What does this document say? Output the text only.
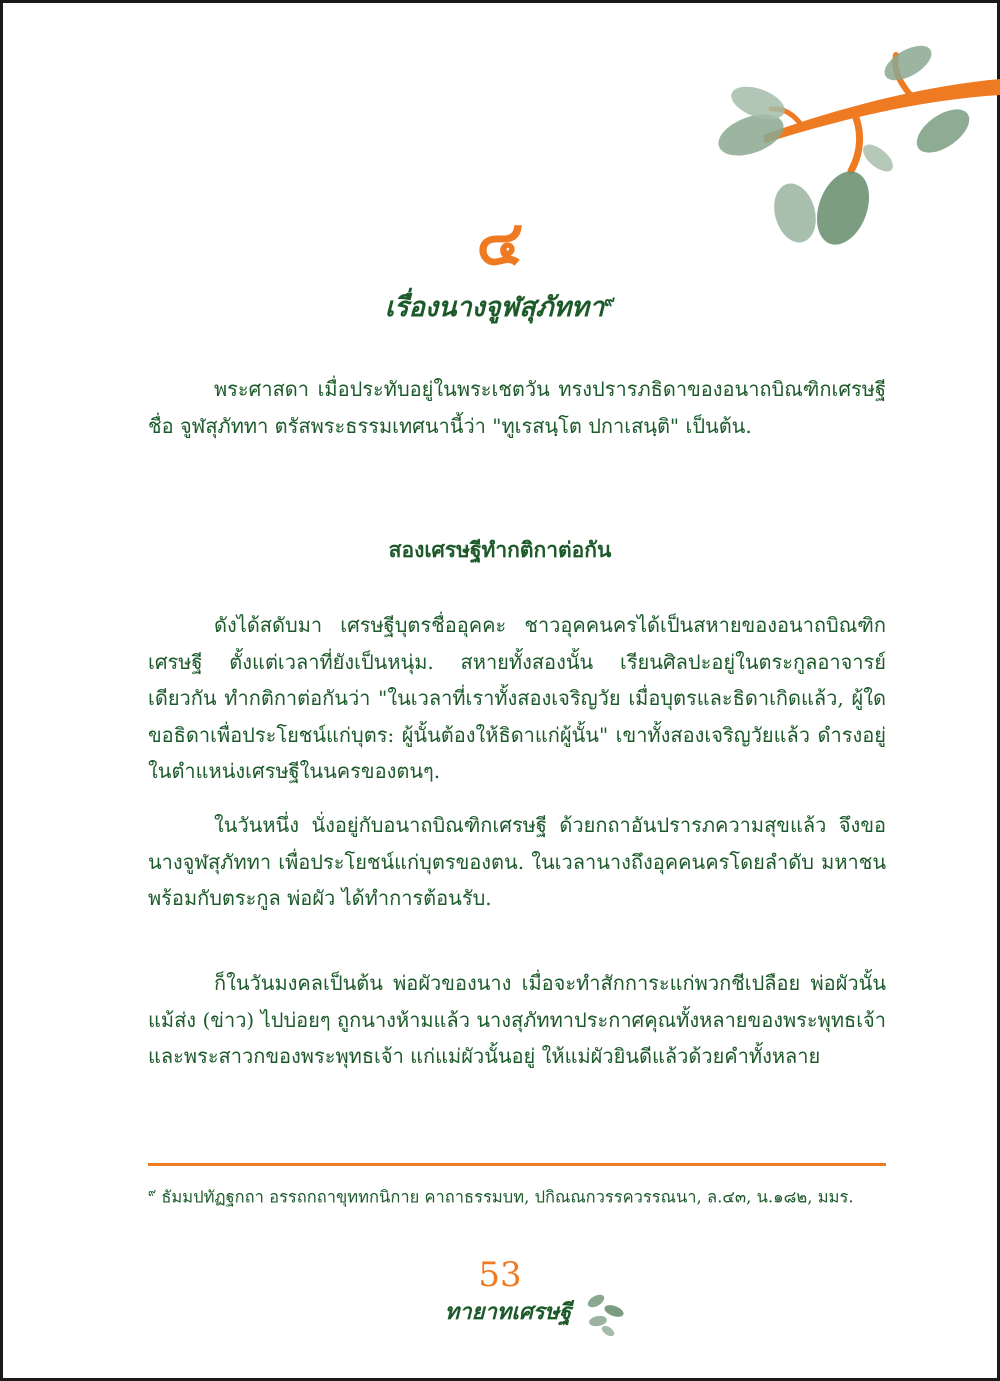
๔
เรื่องนางจูฬสุภัททา$^๙$

พระศาสดา เมื่อประทับอยู่ในพระเชตวัน ทรงปรารภธิดาของอนาถบิณฑิกเศรษฐี ชื่อ จูฬสุภัททา ตรัสพระธรรมเทศนานี้ว่า "ทูเรสนฺโต ปกาเสนฺติ" เป็นต้น.

สองเศรษฐีทำกติกาต่อกัน

ดังได้สดับมา เศรษฐีบุตรชื่ออุคคะ ชาวอุคคนครได้เป็นสหายของอนาถบิณฑิกเศรษฐี ตั้งแต่เวลาที่ยังเป็นหนุ่ม. สหายทั้งสองนั้น เรียนศิลปะอยู่ในตระกูลอาจารย์เดียวกัน ทำกติกาต่อกันว่า "ในเวลาที่เราทั้งสองเจริญวัย เมื่อบุตรและธิดาเกิดแล้ว, ผู้ใดขอธิดาเพื่อประโยชน์แก่บุตร: ผู้นั้นต้องให้ธิดาแก่ผู้นั้น" เขาทั้งสองเจริญวัยแล้ว ดำรงอยู่ในตำแหน่งเศรษฐีในนครของตนๆ.

ในวันหนึ่ง นั่งอยู่กับอนาถบิณฑิกเศรษฐี ด้วยกถาอันปรารภความสุขแล้ว จึงขอนางจูฬสุภัททา เพื่อประโยชน์แก่บุตรของตน. ในเวลานางถึงอุคคนครโดยลำดับ มหาชนพร้อมกับตระกูล พ่อผัว ได้ทำการต้อนรับ.

ก็ในวันมงคลเป็นต้น พ่อผัวของนาง เมื่อจะทำสักการะแก่พวกชีเปลือย พ่อผัวนั้น แม้ส่ง (ข่าว) ไปบ่อยๆ ถูกนางห้ามแล้ว นางสุภัททาประกาศคุณทั้งหลายของพระพุทธเจ้า และพระสาวกของพระพุทธเจ้า แก่แม่ผัวนั้นอยู่ ให้แม่ผัวยินดีแล้วด้วยคำทั้งหลาย

$^๙$ ธัมมปทัฏฐกถา อรรถกถาขุททกนิกาย คาถาธรรมบท, ปกิณณกวรรควรรณนา, ล.๔๓, น.๑๘๒, มมร.

53
ทายาทเศรษฐี
